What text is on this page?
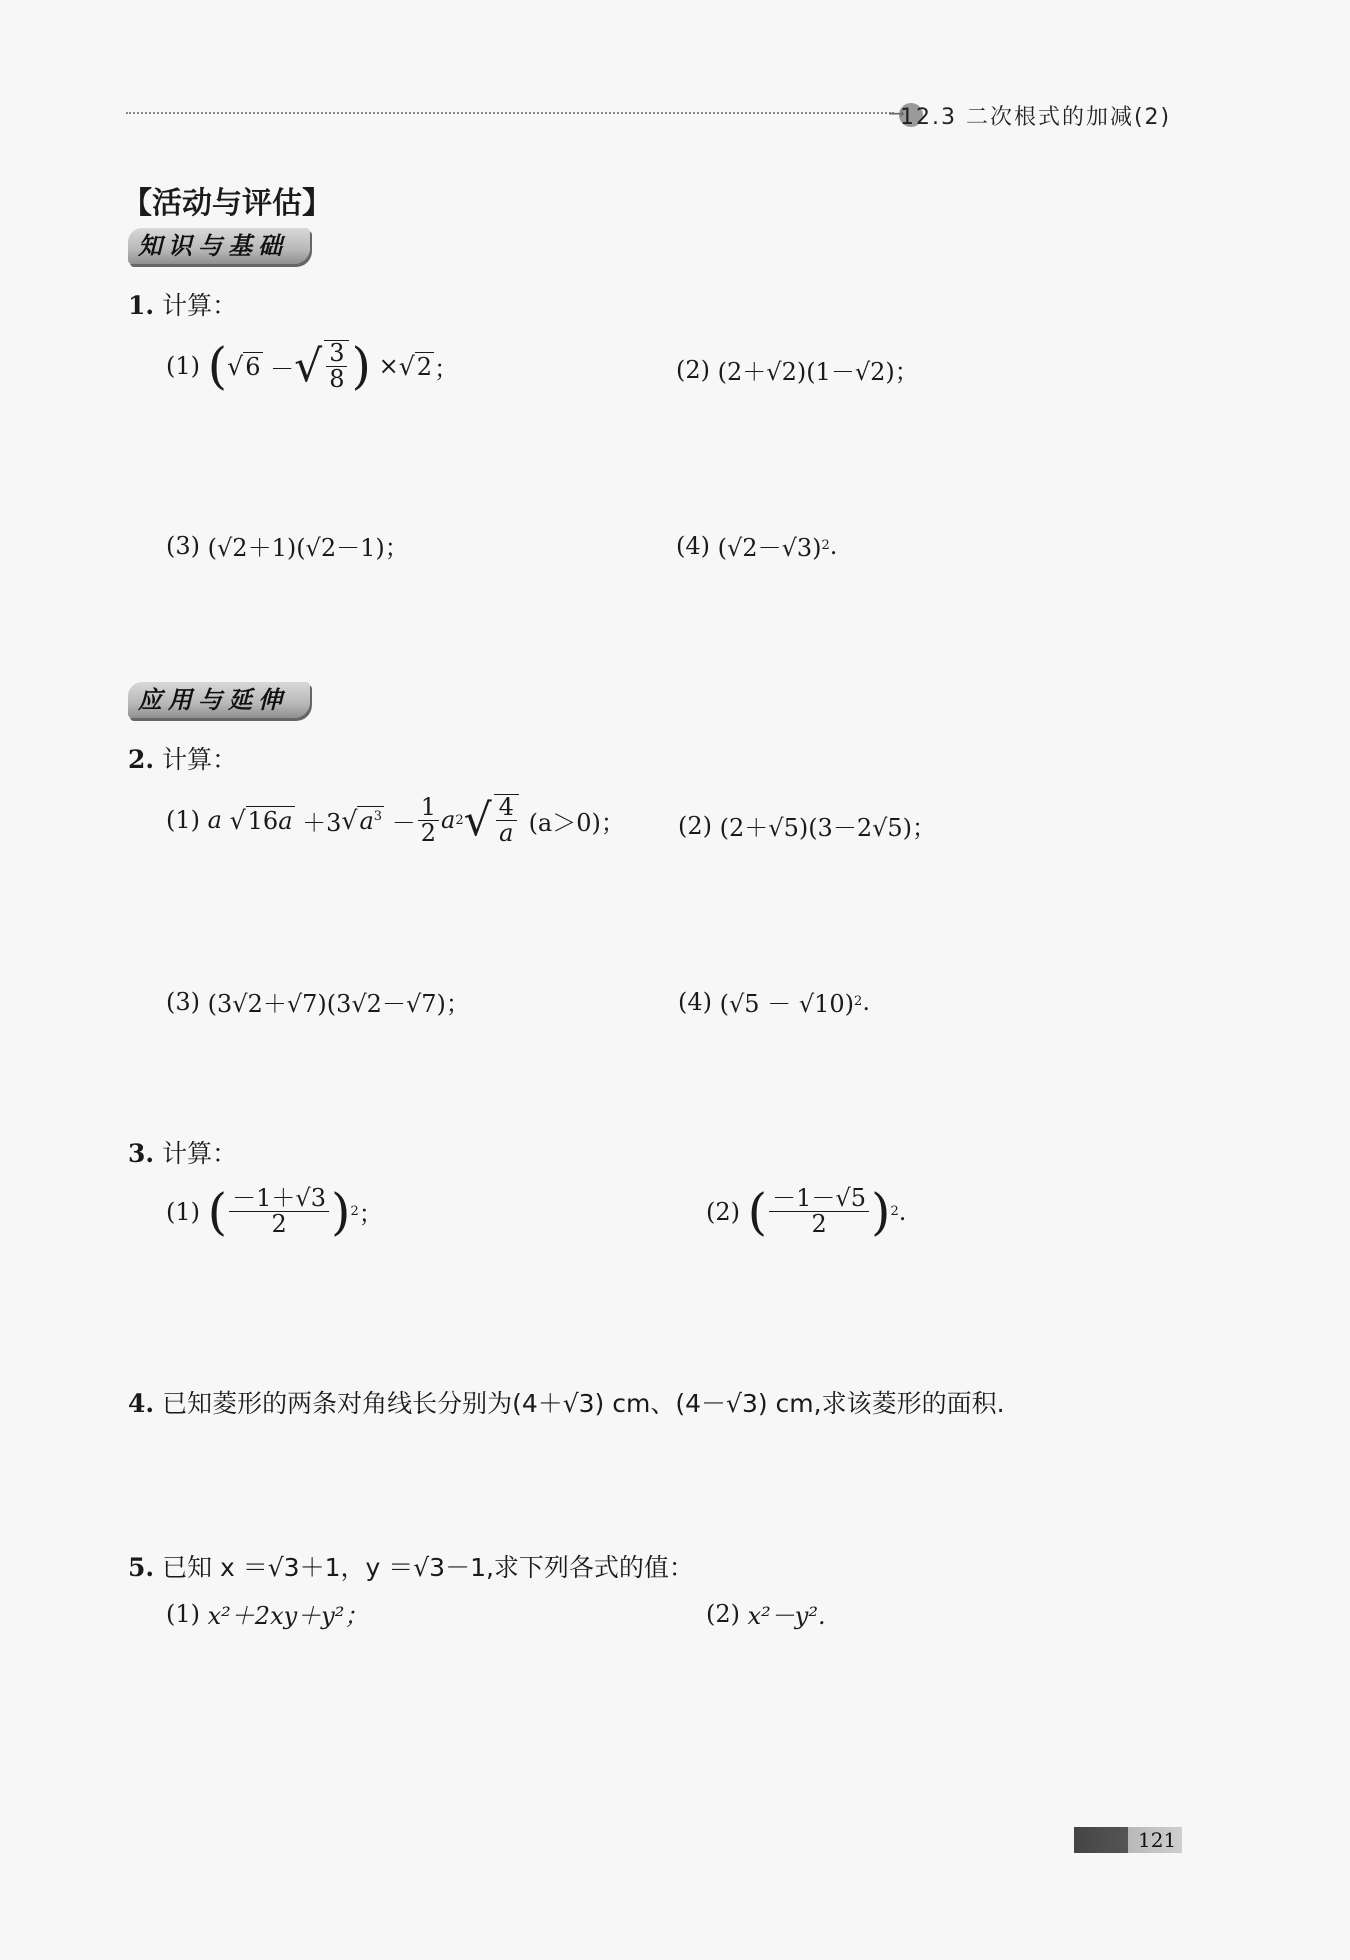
→
12.3 二次根式的加减(2)
【活动与评估】
知识与基础
1. 计算：
(1)
( √ 6 － √ $\frac{3}{8}$ ) × √ 2 ；	(2)
(2＋√2)(1－√2)；
(3)
(√2＋1)(√2－1)；	(4)
(√2－√3) 2 .
应用与延伸
2. 计算：
(1)
a
√ 16a ＋3 √ $a^3 - \frac{1}{2}$ a 2 √ $\frac{4}{a}$
(a＞0)； (2)
(2＋√5)(3－2√5)；
(3)
(3√2＋√7)(3√2－√7)；	(4)
(√5 － √10) 2 .
3. 计算：
(1)
( $\frac{-1+√3}{2}$ ) 2 ；	(2)
( $\frac{-1-√5}{2}$ ) 2 .
4. 已知菱形的两条对角线长分别为(4＋√3) cm、(4－√3) cm,求该菱形的面积.
5. 已知 x ＝√3＋1，y ＝√3－1,求下列各式的值：
(1)
x²＋2xy＋y²；	(2)
x²－y².
121
